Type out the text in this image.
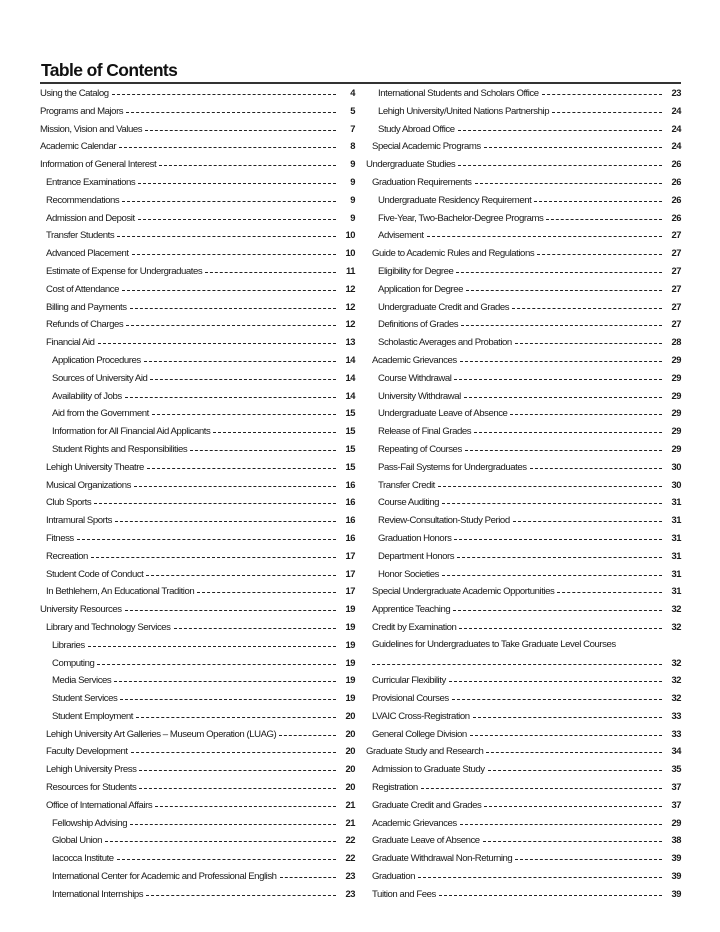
Table of Contents
Using the Catalog	4
Programs and Majors	5
Mission, Vision and Values	7
Academic Calendar	8
Information of General Interest	9
Entrance Examinations	9
Recommendations	9
Admission and Deposit	9
Transfer Students	10
Advanced Placement	10
Estimate of Expense for Undergraduates	11
Cost of Attendance	12
Billing and Payments	12
Refunds of Charges	12
Financial Aid	13
Application Procedures	14
Sources of University Aid	14
Availability of Jobs	14
Aid from the Government	15
Information for All Financial Aid Applicants	15
Student Rights and Responsibilities	15
Lehigh University Theatre	15
Musical Organizations	16
Club Sports	16
Intramural Sports	16
Fitness	16
Recreation	17
Student Code of Conduct	17
In Bethlehem, An Educational Tradition	17
University Resources	19
Library and Technology Services	19
Libraries	19
Computing	19
Media Services	19
Student Services	19
Student Employment	20
Lehigh University Art Galleries – Museum Operation (LUAG)	20
Faculty Development	20
Lehigh University Press	20
Resources for Students	20
Office of International Affairs	21
Fellowship Advising	21
Global Union	22
Iacocca Institute	22
International Center for Academic and Professional English	23
International Internships	23
International Students and Scholars Office	23
Lehigh University/United Nations Partnership	24
Study Abroad Office	24
Special Academic Programs	24
Undergraduate Studies	26
Graduation Requirements	26
Undergraduate Residency Requirement	26
Five-Year, Two-Bachelor-Degree Programs	26
Advisement	27
Guide to Academic Rules and Regulations	27
Eligibility for Degree	27
Application for Degree	27
Undergraduate Credit and Grades	27
Definitions of Grades	27
Scholastic Averages and Probation	28
Academic Grievances	29
Course Withdrawal	29
University Withdrawal	29
Undergraduate Leave of Absence	29
Release of Final Grades	29
Repeating of Courses	29
Pass-Fail Systems for Undergraduates	30
Transfer Credit	30
Course Auditing	31
Review-Consultation-Study Period	31
Graduation Honors	31
Department Honors	31
Honor Societies	31
Special Undergraduate Academic Opportunities	31
Apprentice Teaching	32
Credit by Examination	32
Guidelines for Undergraduates to Take Graduate Level Courses
32
Curricular Flexibility	32
Provisional Courses	32
LVAIC Cross-Registration	33
General College Division	33
Graduate Study and Research	34
Admission to Graduate Study	35
Registration	37
Graduate Credit and Grades	37
Academic Grievances	29
Graduate Leave of Absence	38
Graduate Withdrawal Non-Returning	39
Graduation	39
Tuition and Fees	39
